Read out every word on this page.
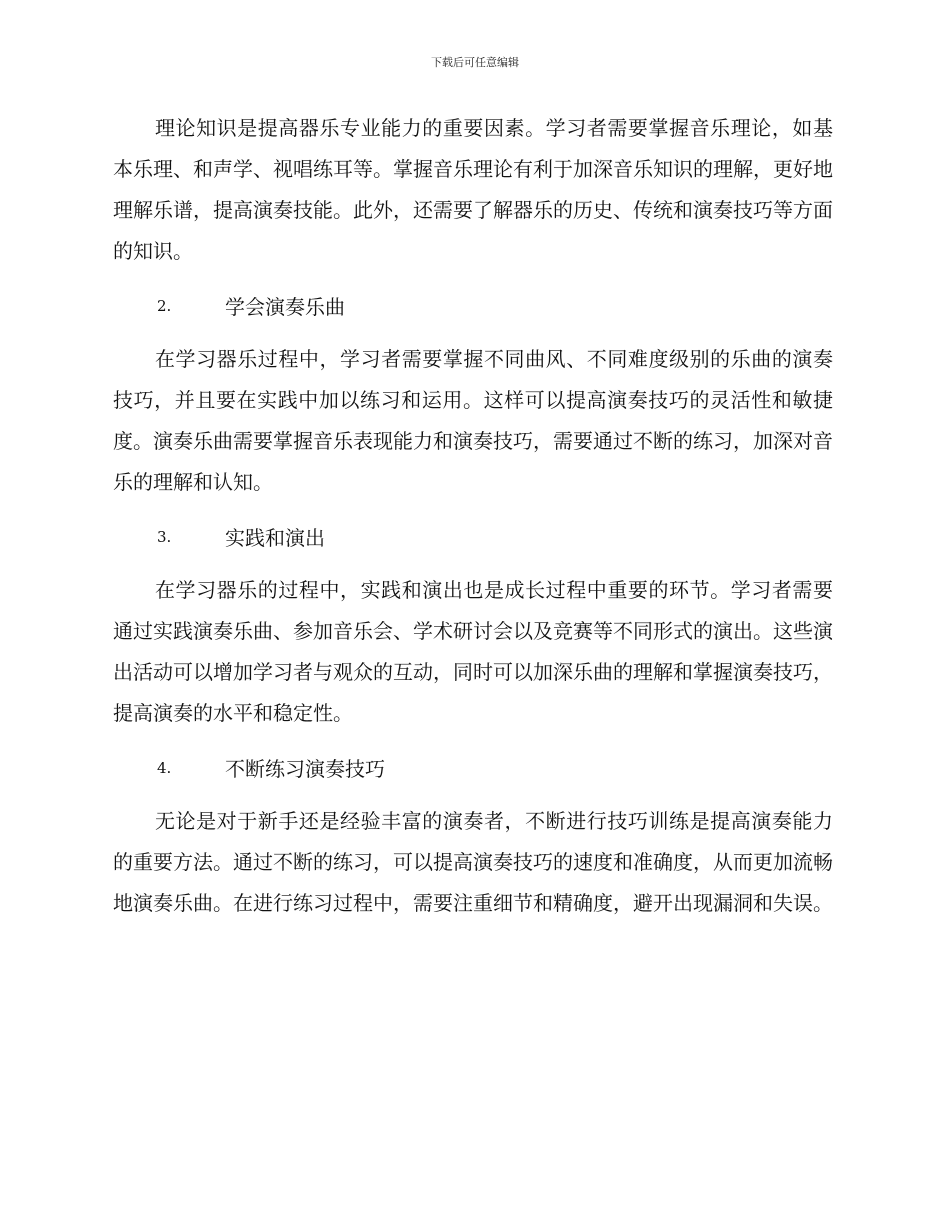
下载后可任意编辑

理论知识是提高器乐专业能力的重要因素。学习者需要掌握音乐理论，如基本乐理、和声学、视唱练耳等。掌握音乐理论有利于加深音乐知识的理解，更好地理解乐谱，提高演奏技能。此外，还需要了解器乐的历史、传统和演奏技巧等方面的知识。

2.	学会演奏乐曲

在学习器乐过程中，学习者需要掌握不同曲风、不同难度级别的乐曲的演奏技巧，并且要在实践中加以练习和运用。这样可以提高演奏技巧的灵活性和敏捷度。演奏乐曲需要掌握音乐表现能力和演奏技巧，需要通过不断的练习，加深对音乐的理解和认知。

3.	实践和演出

在学习器乐的过程中，实践和演出也是成长过程中重要的环节。学习者需要通过实践演奏乐曲、参加音乐会、学术研讨会以及竞赛等不同形式的演出。这些演出活动可以增加学习者与观众的互动，同时可以加深乐曲的理解和掌握演奏技巧，提高演奏的水平和稳定性。

4.	不断练习演奏技巧

无论是对于新手还是经验丰富的演奏者，不断进行技巧训练是提高演奏能力的重要方法。通过不断的练习，可以提高演奏技巧的速度和准确度，从而更加流畅地演奏乐曲。在进行练习过程中，需要注重细节和精确度，避开出现漏洞和失误。
